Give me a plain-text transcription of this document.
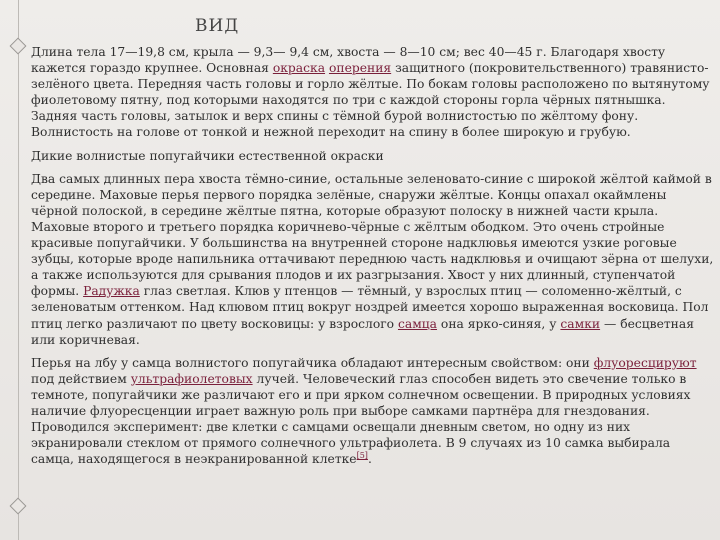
ВИД

Длина тела 17—19,8 см, крыла — 9,3— 9,4 см, хвоста — 8—10 см; вес 40—45 г. Благодаря хвосту кажется гораздо крупнее. Основная окраска оперения защитного (покровительственного) травянисто-зелёного цвета. Передняя часть головы и горло жёлтые. По бокам головы расположено по вытянутому фиолетовому пятну, под которыми находятся по три с каждой стороны горла чёрных пятнышка. Задняя часть головы, затылок и верх спины с тёмной бурой волнистостью по жёлтому фону. Волнистость на голове от тонкой и нежной переходит на спину в более широкую и грубую.

Дикие волнистые попугайчики естественной окраски

Два самых длинных пера хвоста тёмно-синие, остальные зеленовато-синие с широкой жёлтой каймой в середине. Маховые перья первого порядка зелёные, снаружи жёлтые. Концы опахал окаймлены чёрной полоской, в середине жёлтые пятна, которые образуют полоску в нижней части крыла. Маховые второго и третьего порядка коричнево-чёрные с жёлтым ободком. Это очень стройные красивые попугайчики. У большинства на внутренней стороне надклювья имеются узкие роговые зубцы, которые вроде напильника оттачивают переднюю часть надклювья и очищают зёрна от шелухи, а также используются для срывания плодов и их разгрызания. Хвост у них длинный, ступенчатой формы. Радужка глаз светлая. Клюв у птенцов — тёмный, у взрослых птиц — соломенно-жёлтый, с зеленоватым оттенком. Над клювом птиц вокруг ноздрей имеется хорошо выраженная восковица. Пол птиц легко различают по цвету восковицы: у взрослого самца она ярко-синяя, у самки — бесцветная или коричневая.

Перья на лбу у самца волнистого попугайчика обладают интересным свойством: они флуоресцируют под действием ультрафиолетовых лучей. Человеческий глаз способен видеть это свечение только в темноте, попугайчики же различают его и при ярком солнечном освещении. В природных условиях наличие флуоресценции играет важную роль при выборе самками партнёра для гнездования. Проводился эксперимент: две клетки с самцами освещали дневным светом, но одну из них экранировали стеклом от прямого солнечного ультрафиолета. В 9 случаях из 10 самка выбирала самца, находящегося в неэкранированной клетке[5].
